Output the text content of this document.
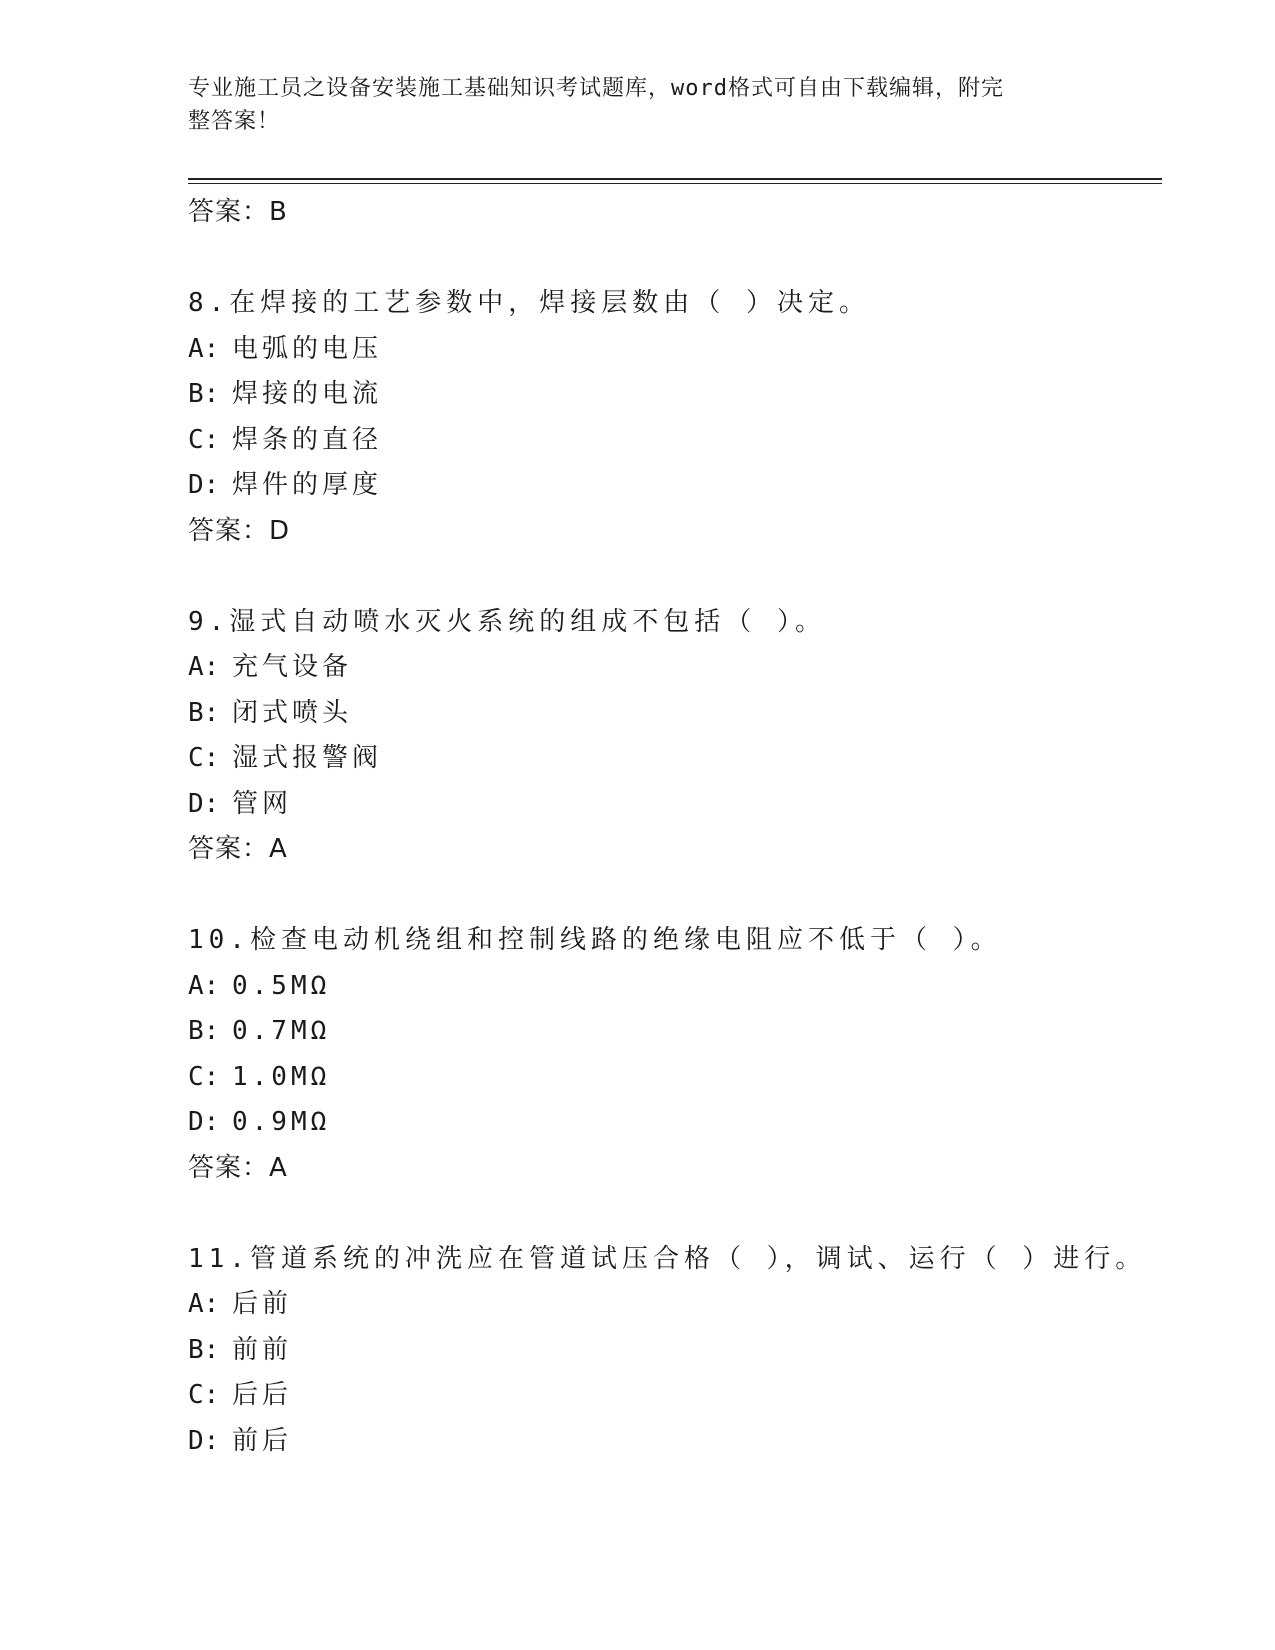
专业施工员之设备安装施工基础知识考试题库，word格式可自由下载编辑，附完
整答案！
答案：B
8.在焊接的工艺参数中，焊接层数由（ ）决定。
A: 电弧的电压
B: 焊接的电流
C: 焊条的直径
D: 焊件的厚度
答案：D
9.湿式自动喷水灭火系统的组成不包括（ ）。
A: 充气设备
B: 闭式喷头
C: 湿式报警阀
D: 管网
答案：A
10.检查电动机绕组和控制线路的绝缘电阻应不低于（ ）。
A: 0.5MΩ
B: 0.7MΩ
C: 1.0MΩ
D: 0.9MΩ
答案：A
11.管道系统的冲洗应在管道试压合格（ ），调试、运行（ ）进行。
A: 后前
B: 前前
C: 后后
D: 前后
